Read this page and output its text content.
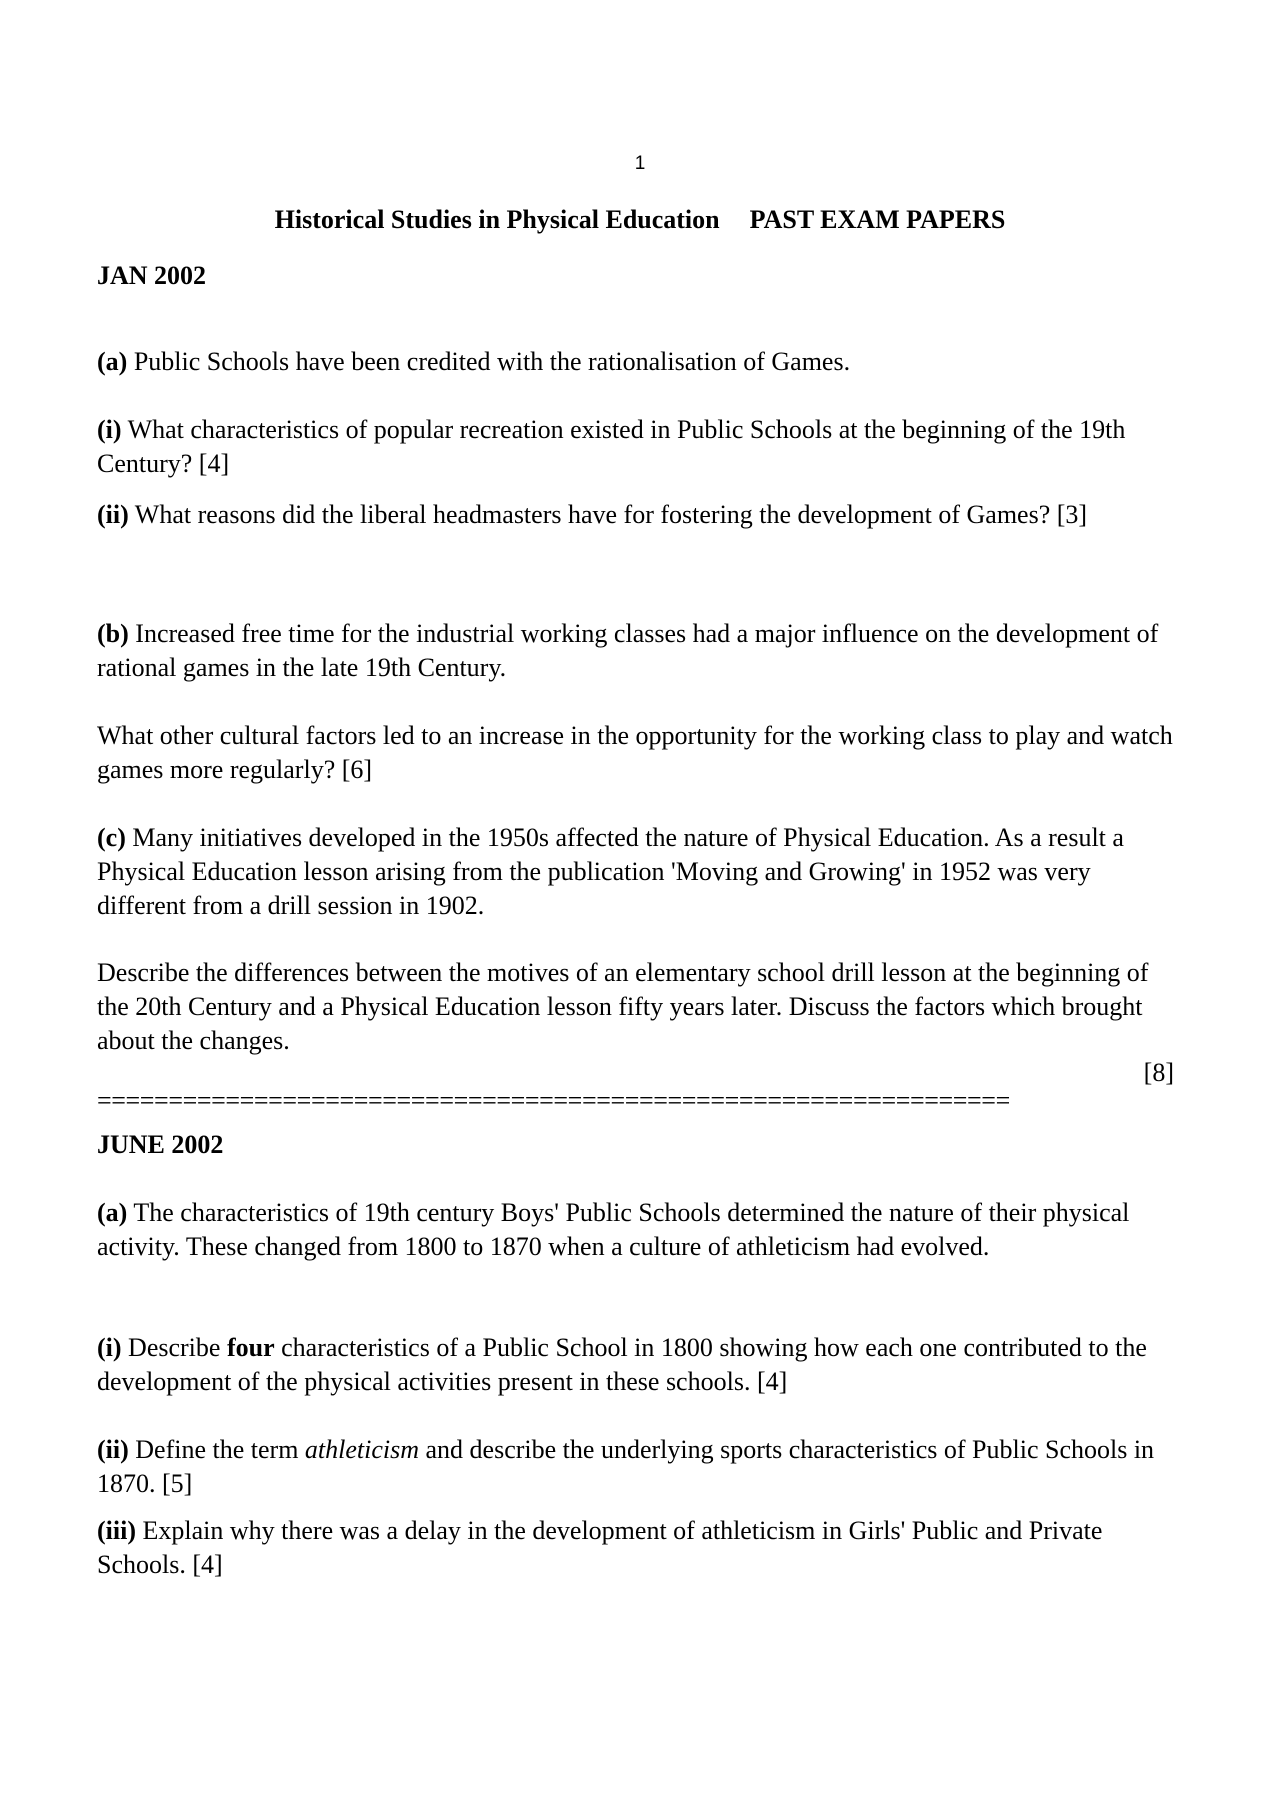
1
Historical Studies in Physical Education PAST EXAM PAPERS
JAN 2002
(a) Public Schools have been credited with the rationalisation of Games.
(i) What characteristics of popular recreation existed in Public Schools at the beginning of the 19th Century? [4]
(ii) What reasons did the liberal headmasters have for fostering the development of Games? [3]
(b) Increased free time for the industrial working classes had a major influence on the development of rational games in the late 19th Century.
What other cultural factors led to an increase in the opportunity for the working class to play and watch games more regularly? [6]
(c) Many initiatives developed in the 1950s affected the nature of Physical Education. As a result a Physical Education lesson arising from the publication 'Moving and Growing' in 1952 was very different from a drill session in 1902.
Describe the differences between the motives of an elementary school drill lesson at the beginning of the 20th Century and a Physical Education lesson fifty years later. Discuss the factors which brought about the changes.
[8]
================================================================
JUNE 2002
(a) The characteristics of 19th century Boys' Public Schools determined the nature of their physical activity. These changed from 1800 to 1870 when a culture of athleticism had evolved.
(i) Describe four characteristics of a Public School in 1800 showing how each one contributed to the development of the physical activities present in these schools. [4]
(ii) Define the term athleticism and describe the underlying sports characteristics of Public Schools in 1870. [5]
(iii) Explain why there was a delay in the development of athleticism in Girls' Public and Private Schools. [4]
